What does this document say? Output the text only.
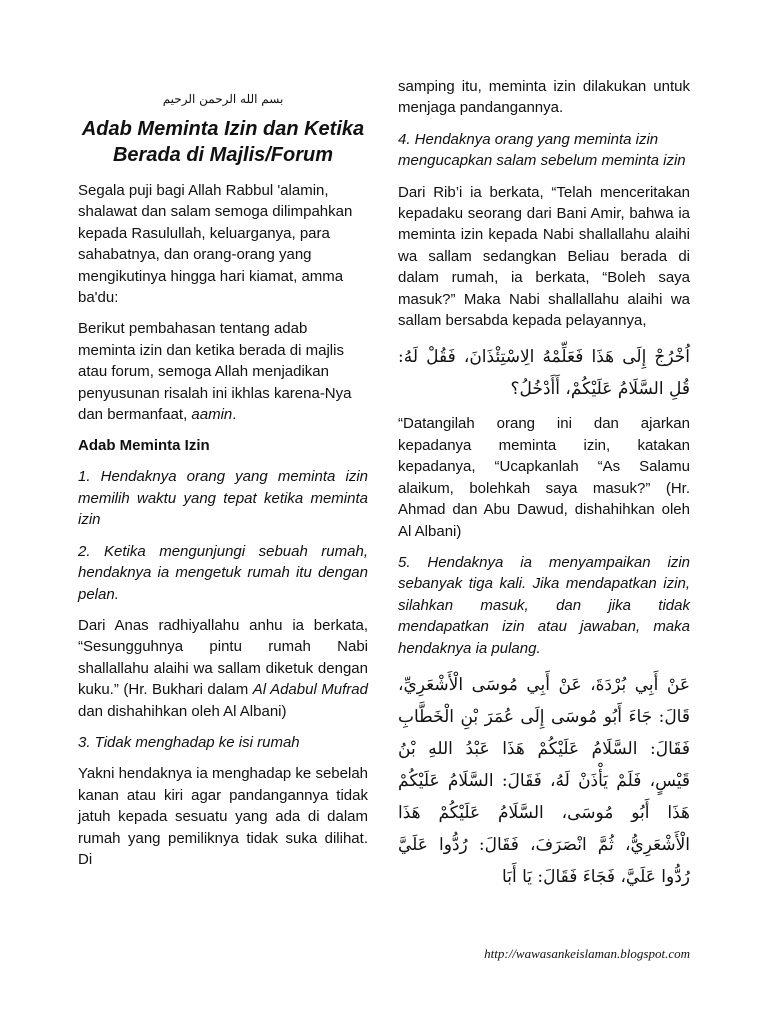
بسم الله الرحمن الرحيم
Adab Meminta Izin dan Ketika Berada di Majlis/Forum

Segala puji bagi Allah Rabbul 'alamin, shalawat dan salam semoga dilimpahkan kepada Rasulullah, keluarganya, para sahabatnya, dan orang-orang yang mengikutinya hingga hari kiamat, amma ba'du:

Berikut pembahasan tentang adab meminta izin dan ketika berada di majlis atau forum, semoga Allah menjadikan penyusunan risalah ini ikhlas karena-Nya dan bermanfaat, aamin.

Adab Meminta Izin

1. Hendaknya orang yang meminta izin memilih waktu yang tepat ketika meminta izin

2. Ketika mengunjungi sebuah rumah, hendaknya ia mengetuk rumah itu dengan pelan.

Dari Anas radhiyallahu anhu ia berkata, “Sesungguhnya pintu rumah Nabi shallallahu alaihi wa sallam diketuk dengan kuku.” (Hr. Bukhari dalam Al Adabul Mufrad dan dishahihkan oleh Al Albani)

3. Tidak menghadap ke isi rumah

Yakni hendaknya ia menghadap ke sebelah kanan atau kiri agar pandangannya tidak jatuh kepada sesuatu yang ada di dalam rumah yang pemiliknya tidak suka dilihat. Di

samping itu, meminta izin dilakukan untuk menjaga pandangannya.

4. Hendaknya orang yang meminta izin mengucapkan salam sebelum meminta izin

Dari Rib’i ia berkata, “Telah menceritakan kepadaku seorang dari Bani Amir, bahwa ia meminta izin kepada Nabi shallallahu alaihi wa sallam sedangkan Beliau berada di dalam rumah, ia berkata, “Boleh saya masuk?” Maka Nabi shallallahu alaihi wa sallam bersabda kepada pelayannya,

اُخْرُجْ إِلَى هَذَا فَعَلِّمْهُ الِاسْتِئْذَانَ، فَقُلْ لَهُ: قُلِ السَّلَامُ عَلَيْكُمْ، أَأَدْخُلُ؟

“Datangilah orang ini dan ajarkan kepadanya meminta izin, katakan kepadanya, “Ucapkanlah “As Salamu alaikum, bolehkah saya masuk?” (Hr. Ahmad dan Abu Dawud, dishahihkan oleh Al Albani)

5. Hendaknya ia menyampaikan izin sebanyak tiga kali. Jika mendapatkan izin, silahkan masuk, dan jika tidak mendapatkan izin atau jawaban, maka hendaknya ia pulang.

عَنْ أَبِي بُرْدَةَ، عَنْ أَبِي مُوسَى الْأَشْعَرِيِّ، قَالَ: جَاءَ أَبُو مُوسَى إِلَى عُمَرَ بْنِ الْخَطَّابِ فَقَالَ: السَّلَامُ عَلَيْكُمْ هَذَا عَبْدُ اللهِ بْنُ قَيْسٍ، فَلَمْ يَأْذَنْ لَهُ، فَقَالَ: السَّلَامُ عَلَيْكُمْ هَذَا أَبُو مُوسَى، السَّلَامُ عَلَيْكُمْ هَذَا الْأَشْعَرِيُّ، ثُمَّ انْصَرَفَ، فَقَالَ: رُدُّوا عَلَيَّ رُدُّوا عَلَيَّ، فَجَاءَ فَقَالَ: يَا أَبَا
http://wawasankeislaman.blogspot.com
